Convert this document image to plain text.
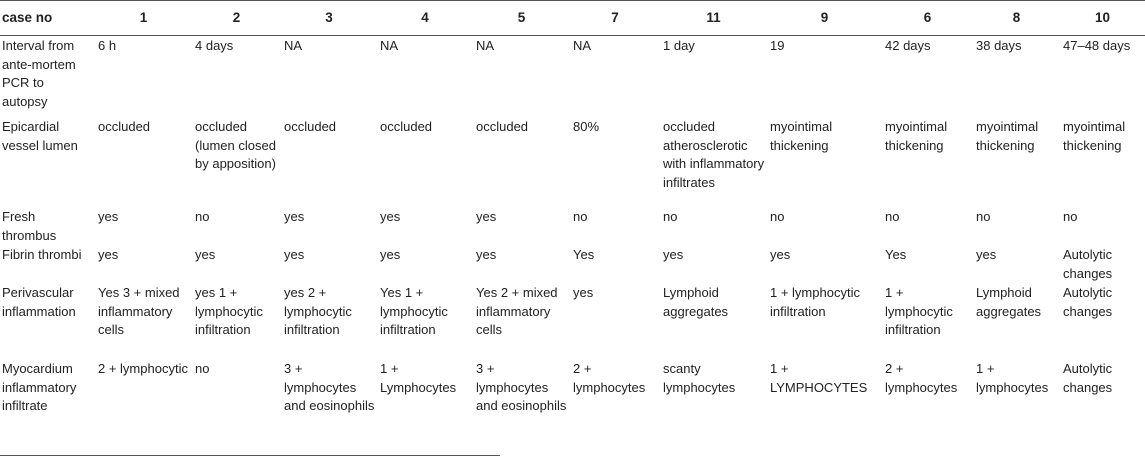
case no	1	2	3	4	5	7	11	9	6	8	10
Interval from ante-mortem PCR to autopsy	6 h	4 days	NA	NA	NA	NA	1 day	19	42 days	38 days	47–48 days
Epicardial vessel lumen	occluded	occluded (lumen closed by apposition)	occluded	occluded	occluded	80%	occluded atherosclerotic with inflammatory infiltrates	myointimal thickening	myointimal thickening	myointimal thickening	myointimal thickening
Fresh thrombus	yes	no	yes	yes	yes	no	no	no	no	no	no
Fibrin thrombi	yes	yes	yes	yes	yes	Yes	yes	yes	Yes	yes	Autolytic changes
Perivascular inflammation	Yes 3 + mixed inflammatory cells	yes 1 + lymphocytic infiltration	yes 2 + lymphocytic infiltration	Yes 1 + lymphocytic infiltration	Yes 2 + mixed inflammatory cells	yes	Lymphoid aggregates	1 + lymphocytic infiltration	1 + lymphocytic infiltration	Lymphoid aggregates	Autolytic changes
Myocardium inflammatory infiltrate	2 + lymphocytic	no	3 + lymphocytes and eosinophils	1 + Lymphocytes	3 + lymphocytes and eosinophils	2 + lymphocytes	scanty lymphocytes	1 + LYMPHOCYTES	2 + lymphocytes	1 + lymphocytes	Autolytic changes
